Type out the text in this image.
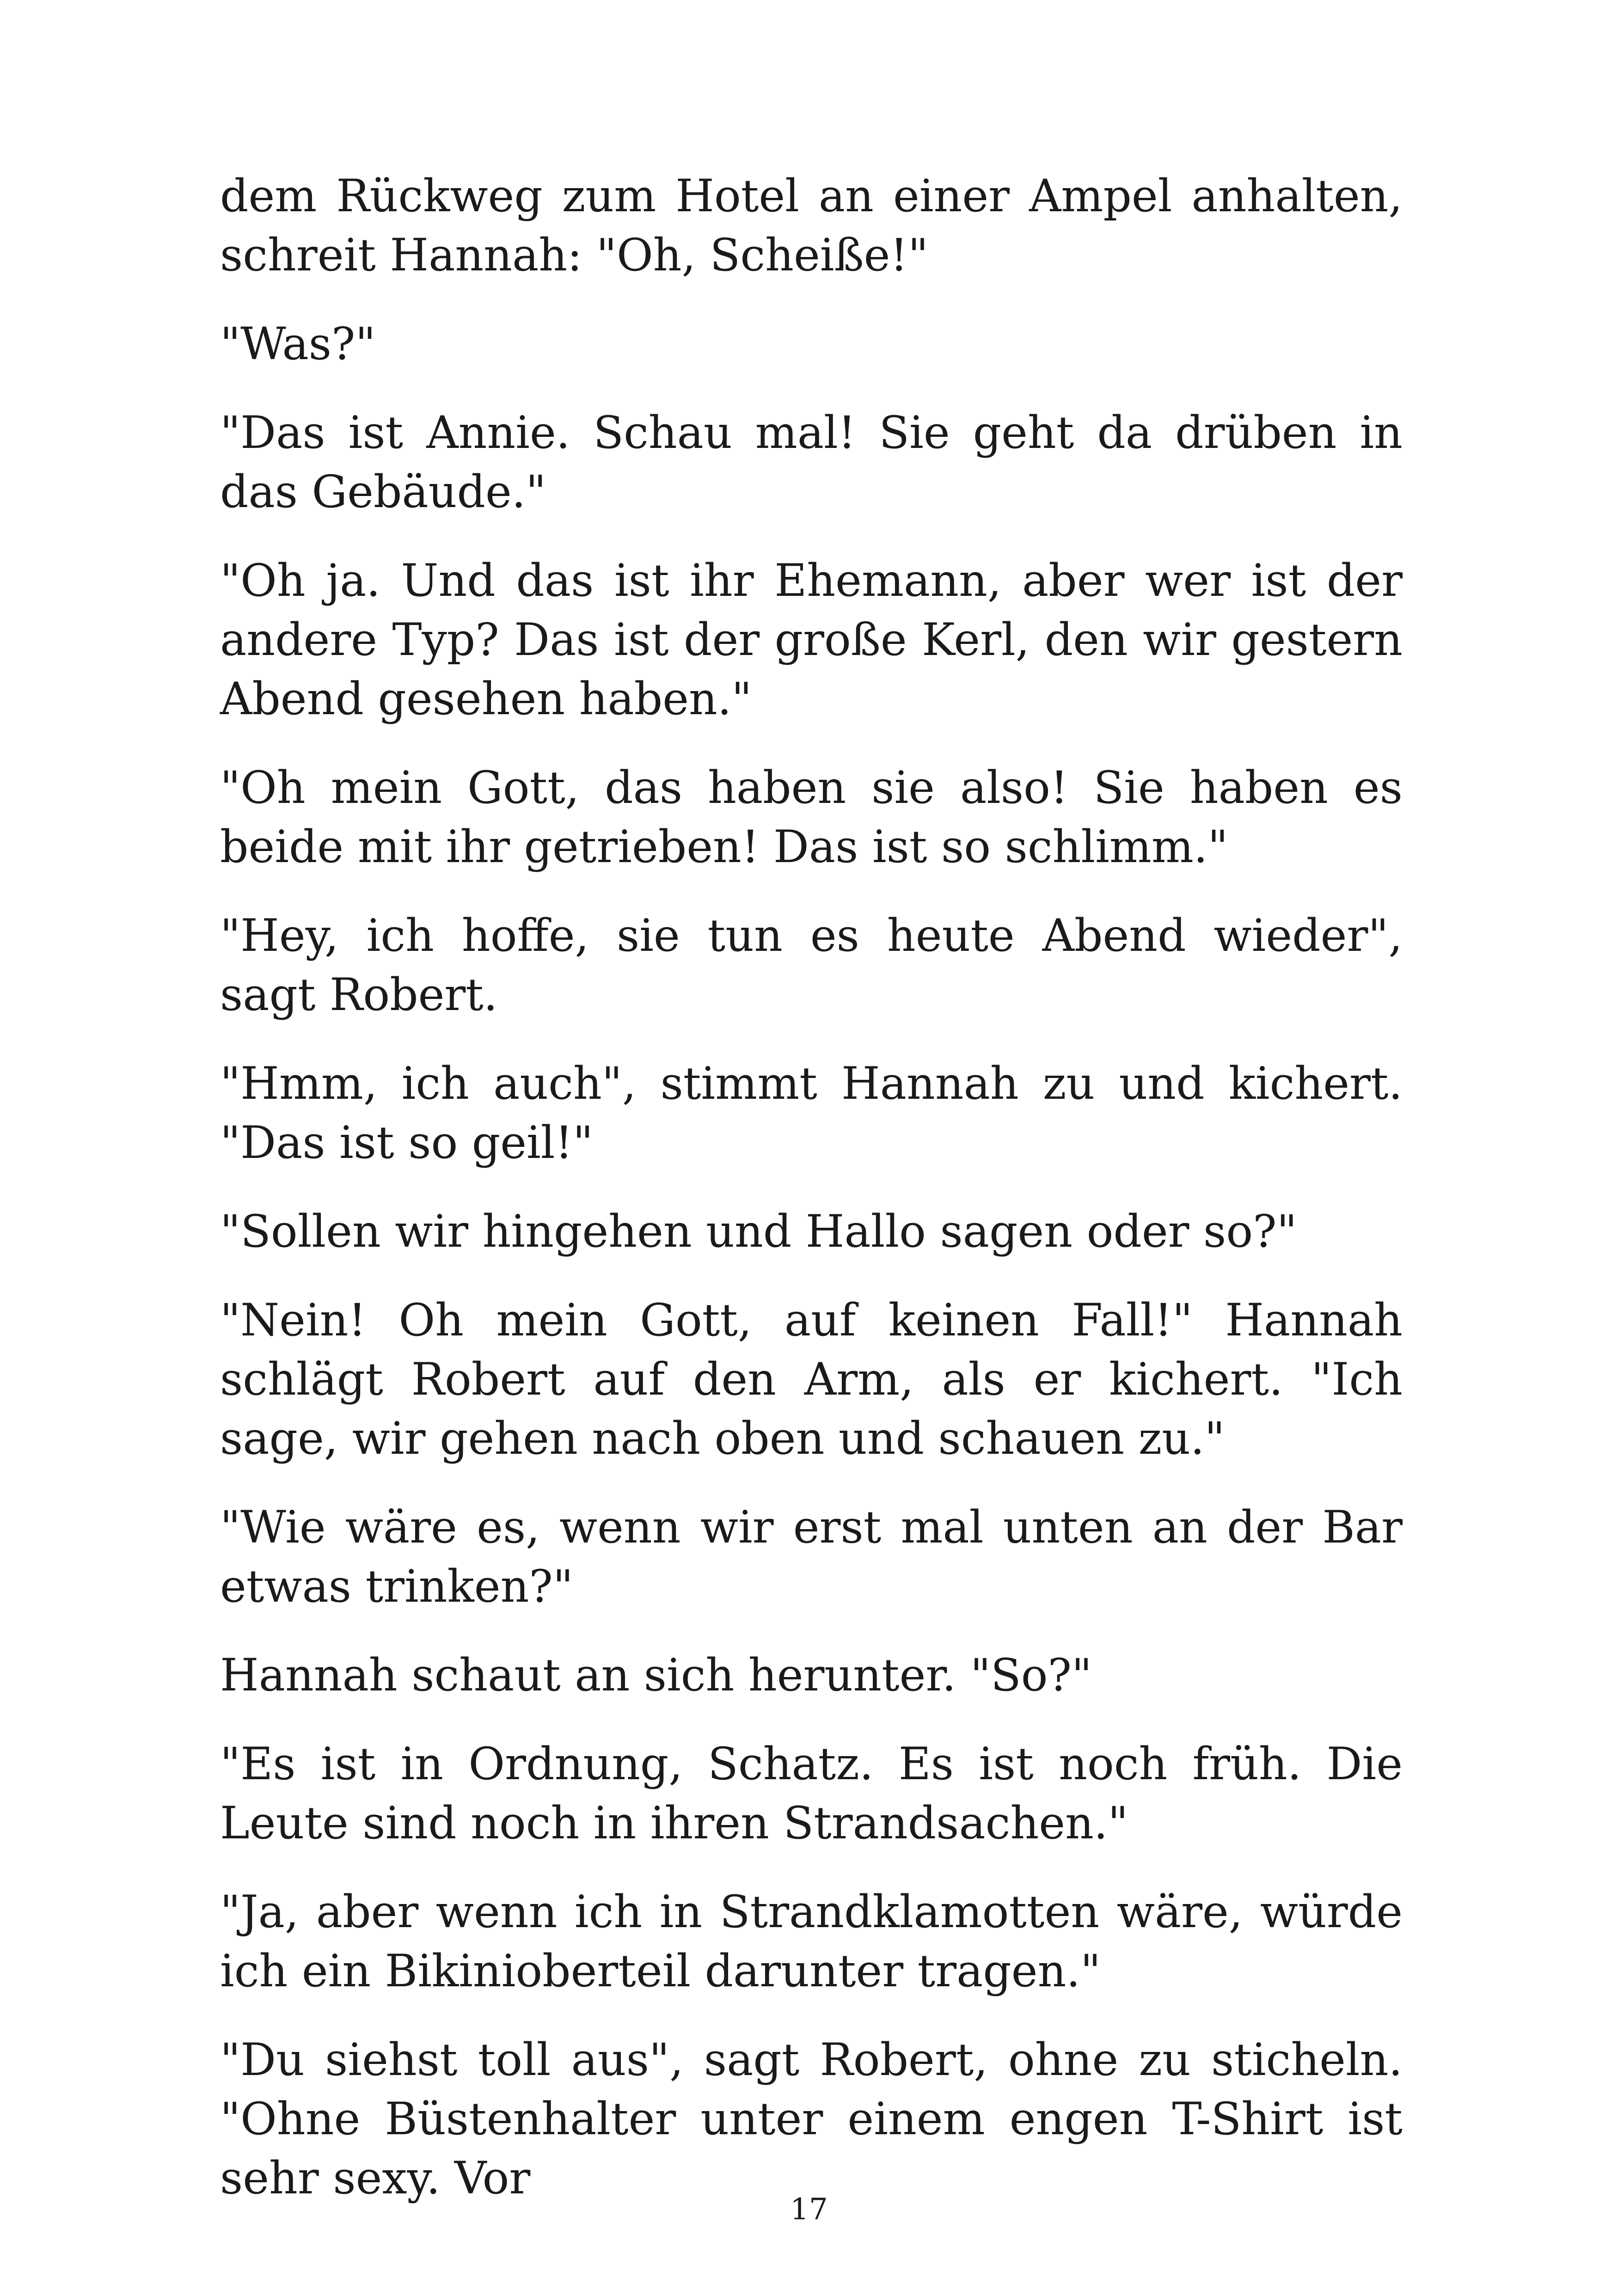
dem Rückweg zum Hotel an einer Ampel anhalten, schreit Hannah: "Oh, Scheiße!"

"Was?"

"Das ist Annie. Schau mal! Sie geht da drüben in das Gebäude."

"Oh ja. Und das ist ihr Ehemann, aber wer ist der andere Typ? Das ist der große Kerl, den wir gestern Abend gesehen haben."

"Oh mein Gott, das haben sie also! Sie haben es beide mit ihr getrieben! Das ist so schlimm."

"Hey, ich hoffe, sie tun es heute Abend wieder", sagt Robert.

"Hmm, ich auch", stimmt Hannah zu und kichert. "Das ist so geil!"

"Sollen wir hingehen und Hallo sagen oder so?"

"Nein! Oh mein Gott, auf keinen Fall!" Hannah schlägt Robert auf den Arm, als er kichert. "Ich sage, wir gehen nach oben und schauen zu."

"Wie wäre es, wenn wir erst mal unten an der Bar etwas trinken?"

Hannah schaut an sich herunter. "So?"

"Es ist in Ordnung, Schatz. Es ist noch früh. Die Leute sind noch in ihren Strandsachen."

"Ja, aber wenn ich in Strandklamotten wäre, würde ich ein Bikinioberteil darunter tragen."

"Du siehst toll aus", sagt Robert, ohne zu sticheln. "Ohne Büstenhalter unter einem engen T-Shirt ist sehr sexy. Vor

17
